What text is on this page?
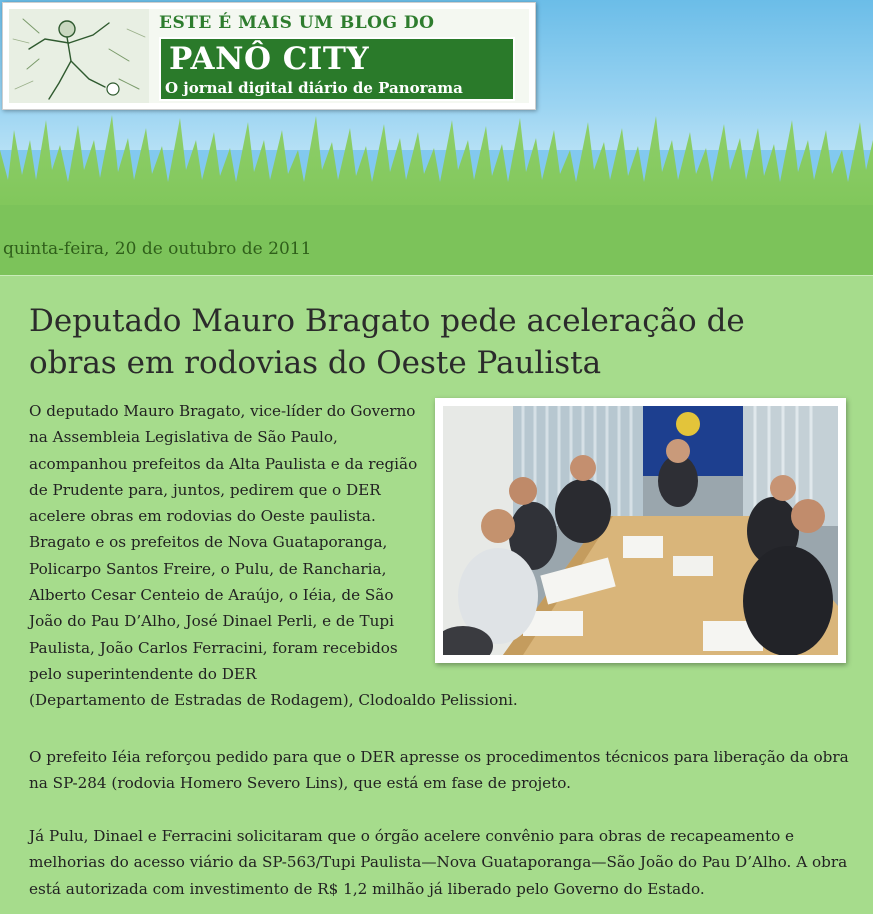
ESTE É MAIS UM BLOG DO
PANÔ CITY
O jornal digital diário de Panorama
quinta-feira, 20 de outubro de 2011
Deputado Mauro Bragato pede aceleração de obras em rodovias do Oeste Paulista

O deputado Mauro Bragato, vice-líder do Governo na Assembleia Legislativa de São Paulo, acompanhou prefeitos da Alta Paulista e da região de Prudente para, juntos, pedirem que o DER acelere obras em rodovias do Oeste paulista. Bragato e os prefeitos de Nova Guataporanga, Policarpo Santos Freire, o Pulu, de Rancharia, Alberto Cesar Centeio de Araújo, o Iéia, de São João do Pau D’Alho, José Dinael Perli, e de Tupi Paulista, João Carlos Ferracini, foram recebidos pelo superintendente do DER

(Departamento de Estradas de Rodagem), Clodoaldo Pelissioni.

O prefeito Iéia reforçou pedido para que o DER apresse os procedimentos técnicos para liberação da obra na SP-284 (rodovia Homero Severo Lins), que está em fase de projeto.

Já Pulu, Dinael e Ferracini solicitaram que o órgão acelere convênio para obras de recapeamento e melhorias do acesso viário da SP-563/Tupi Paulista—Nova Guataporanga—São João do Pau D’Alho. A obra está autorizada com investimento de R$ 1,2 milhão já liberado pelo Governo do Estado.
